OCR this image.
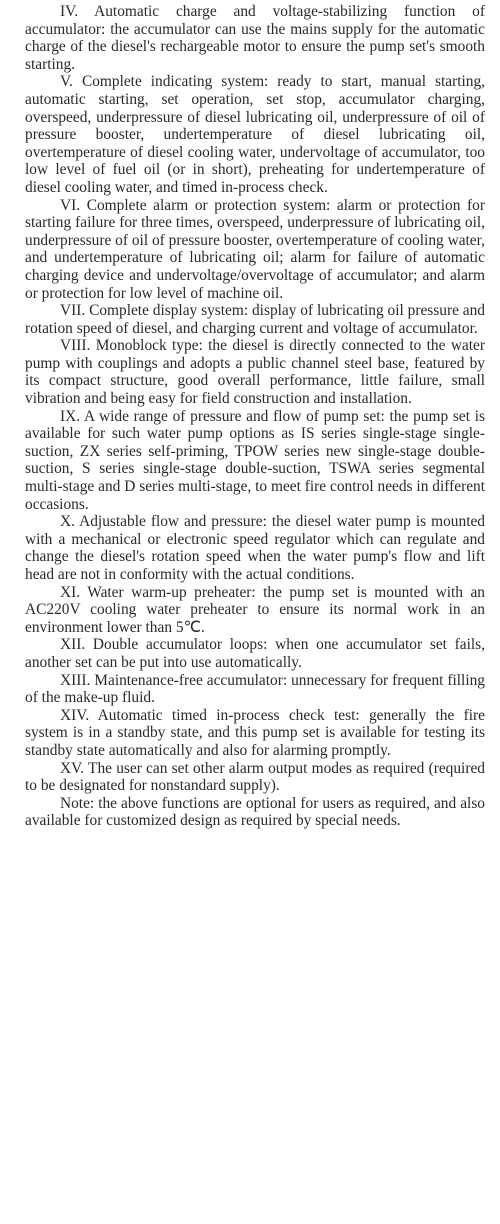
IV. Automatic charge and voltage-stabilizing function of accumulator: the accumulator can use the mains supply for the automatic charge of the diesel's rechargeable motor to ensure the pump set's smooth starting.

V. Complete indicating system: ready to start, manual starting, automatic starting, set operation, set stop, accumulator charging, overspeed, underpressure of diesel lubricating oil, underpressure of oil of pressure booster, undertemperature of diesel lubricating oil, overtemperature of diesel cooling water, undervoltage of accumulator, too low level of fuel oil (or in short), preheating for undertemperature of diesel cooling water, and timed in-process check.

VI. Complete alarm or protection system: alarm or protection for starting failure for three times, overspeed, underpressure of lubricating oil, underpressure of oil of pressure booster, overtemperature of cooling water, and undertemperature of lubricating oil; alarm for failure of automatic charging device and undervoltage/overvoltage of accumulator; and alarm or protection for low level of machine oil.

VII. Complete display system: display of lubricating oil pressure and rotation speed of diesel, and charging current and voltage of accumulator.

VIII. Monoblock type: the diesel is directly connected to the water pump with couplings and adopts a public channel steel base, featured by its compact structure, good overall performance, little failure, small vibration and being easy for field construction and installation.

IX. A wide range of pressure and flow of pump set: the pump set is available for such water pump options as IS series single-stage single-suction, ZX series self-priming, TPOW series new single-stage double-suction, S series single-stage double-suction, TSWA series segmental multi-stage and D series multi-stage, to meet fire control needs in different occasions.

X. Adjustable flow and pressure: the diesel water pump is mounted with a mechanical or electronic speed regulator which can regulate and change the diesel's rotation speed when the water pump's flow and lift head are not in conformity with the actual conditions.

XI. Water warm-up preheater: the pump set is mounted with an AC220V cooling water preheater to ensure its normal work in an environment lower than 5℃.

XII. Double accumulator loops: when one accumulator set fails, another set can be put into use automatically.

XIII. Maintenance-free accumulator: unnecessary for frequent filling of the make-up fluid.

XIV. Automatic timed in-process check test: generally the fire system is in a standby state, and this pump set is available for testing its standby state automatically and also for alarming promptly.

XV. The user can set other alarm output modes as required (required to be designated for nonstandard supply).

Note: the above functions are optional for users as required, and also available for customized design as required by special needs.
